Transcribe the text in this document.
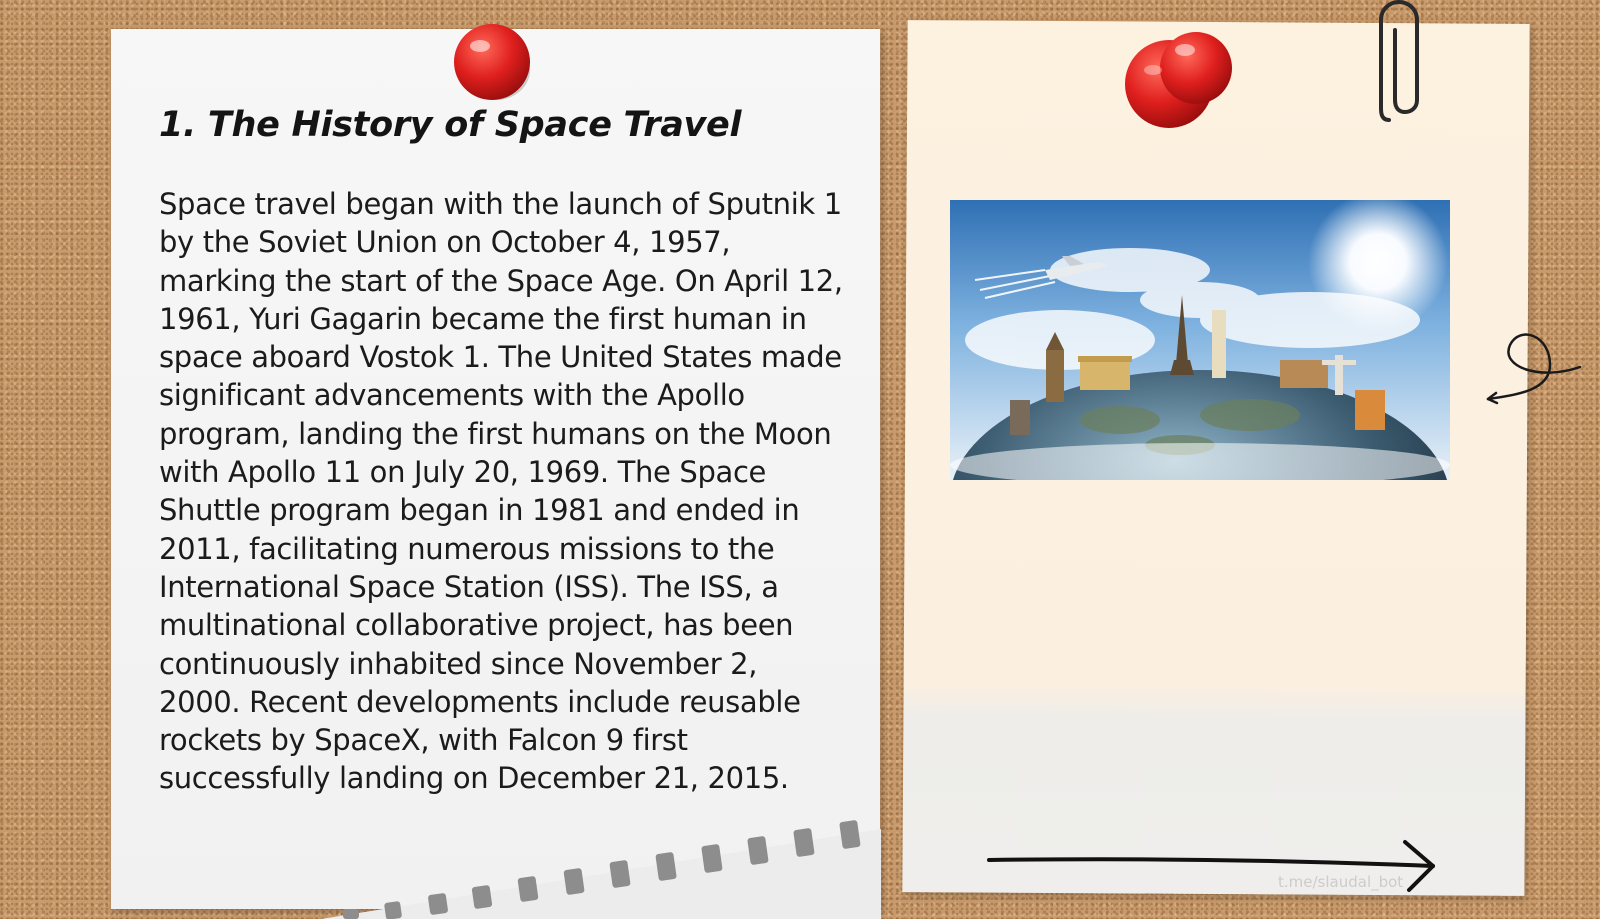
1. The History of Space Travel

Space travel began with the launch of Sputnik 1 by the Soviet Union on October 4, 1957, marking the start of the Space Age. On April 12, 1961, Yuri Gagarin became the first human in space aboard Vostok 1. The United States made significant advancements with the Apollo program, landing the first humans on the Moon with Apollo 11 on July 20, 1969. The Space Shuttle program began in 1981 and ended in 2011, facilitating numerous missions to the International Space Station (ISS). The ISS, a multinational collaborative project, has been continuously inhabited since November 2, 2000. Recent developments include reusable rockets by SpaceX, with Falcon 9 first successfully landing on December 21, 2015.

t.me/slaudal_bot
